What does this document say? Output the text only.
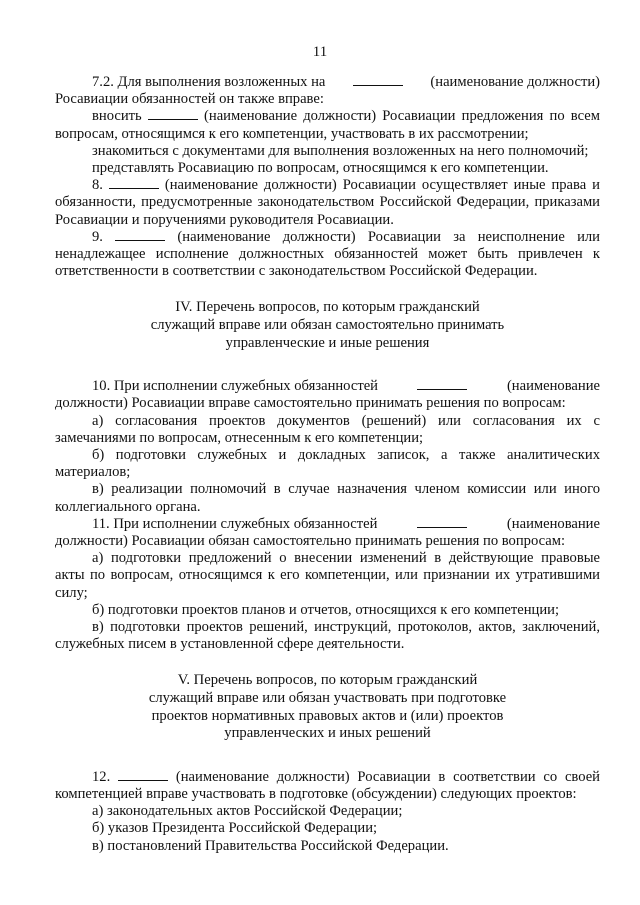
11
7.2. Для выполнения возложенных на	(наименование должности)

Росавиации обязанностей он также вправе:

вносить	(наименование должности) Росавиации предложения по всем вопросам, относящимся к его компетенции, участвовать в их рассмотрении;

знакомиться с документами для выполнения возложенных на него полномочий;

представлять Росавиацию по вопросам, относящимся к его компетенции.

8.	(наименование должности) Росавиации осуществляет иные права и обязанности, предусмотренные законодательством Российской Федерации, приказами Росавиации и поручениями руководителя Росавиации.

9.	(наименование должности) Росавиации за неисполнение или ненадлежащее исполнение должностных обязанностей может быть привлечен к ответственности в соответствии с законодательством Российской Федерации.

IV. Перечень вопросов, по которым гражданский
служащий вправе или обязан самостоятельно принимать
управленческие и иные решения
10. При исполнении служебных обязанностей	(наименование

должности) Росавиации вправе самостоятельно принимать решения по вопросам:

а) согласования проектов документов (решений) или согласования их с замечаниями по вопросам, отнесенным к его компетенции;

б) подготовки служебных и докладных записок, а также аналитических материалов;

в) реализации полномочий в случае назначения членом комиссии или иного коллегиального органа.

11. При исполнении служебных обязанностей	(наименование

должности) Росавиации обязан самостоятельно принимать решения по вопросам:

а) подготовки предложений о внесении изменений в действующие правовые акты по вопросам, относящимся к его компетенции, или признании их утратившими силу;

б) подготовки проектов планов и отчетов, относящихся к его компетенции;

в) подготовки проектов решений, инструкций, протоколов, актов, заключений, служебных писем в установленной сфере деятельности.

V. Перечень вопросов, по которым гражданский
служащий вправе или обязан участвовать при подготовке
проектов нормативных правовых актов и (или) проектов
управленческих и иных решений

12.	(наименование должности) Росавиации в соответствии со своей компетенцией вправе участвовать в подготовке (обсуждении) следующих проектов:

а) законодательных актов Российской Федерации;

б) указов Президента Российской Федерации;

в) постановлений Правительства Российской Федерации.
